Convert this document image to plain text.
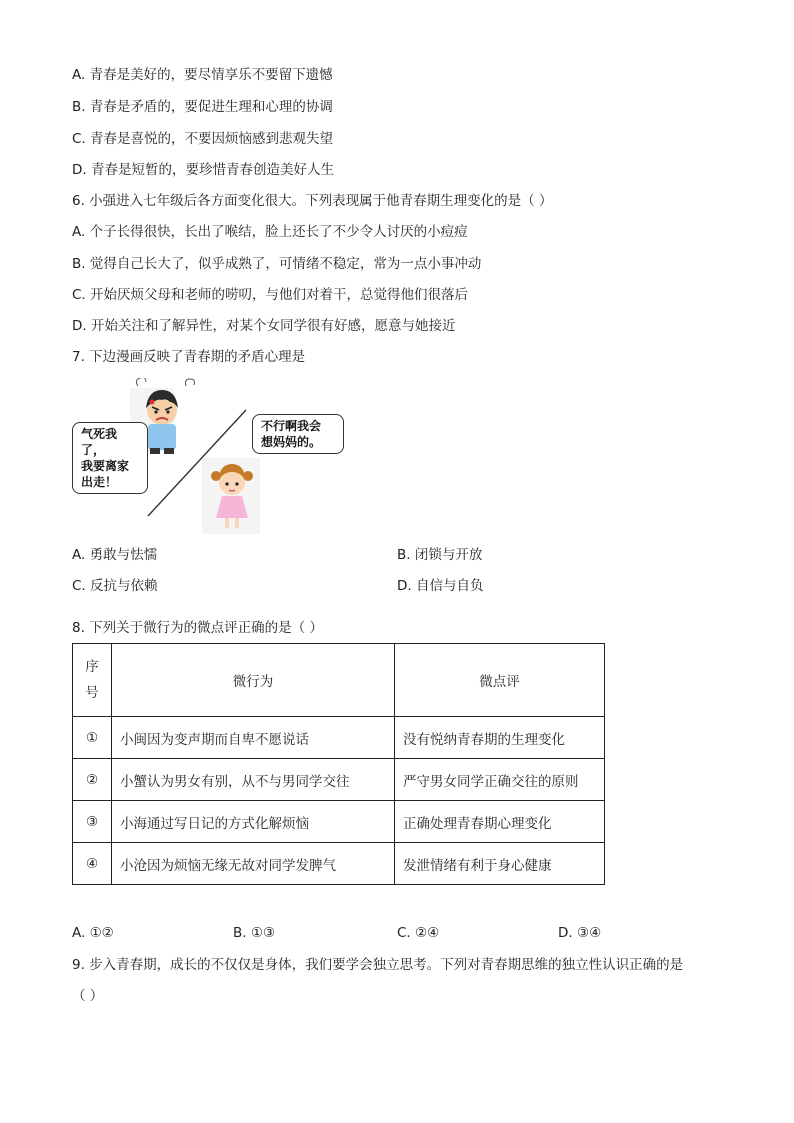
A. 青春是美好的，要尽情享乐不要留下遗憾
B. 青春是矛盾的，要促进生理和心理的协调
C. 青春是喜悦的，不要因烦恼感到悲观失望
D. 青春是短暂的，要珍惜青春创造美好人生
6. 小强进入七年级后各方面变化很大。下列表现属于他青春期生理变化的是（ ）
A. 个子长得很快，长出了喉结，脸上还长了不少令人讨厌的小痘痘
B. 觉得自己长大了，似乎成熟了，可情绪不稳定，常为一点小事冲动
C. 开始厌烦父母和老师的唠叨，与他们对着干，总觉得他们很落后
D. 开始关注和了解异性，对某个女同学很有好感，愿意与她接近
7. 下边漫画反映了青春期的矛盾心理是
气死我了，
我要离家
出走！
不行啊我会
想妈妈的。
A. 勇敢与怯懦	B. 闭锁与开放
C. 反抗与依赖	D. 自信与自负
8. 下列关于微行为的微点评正确的是（ ）
序
号	微行为	微点评
①	小闽因为变声期而自卑不愿说话	没有悦纳青春期的生理变化
②	小蟹认为男女有别，从不与男同学交往	严守男女同学正确交往的原则
③	小海通过写日记的方式化解烦恼	正确处理青春期心理变化
④	小沧因为烦恼无缘无故对同学发脾气	发泄情绪有利于身心健康
A. ①②	B. ①③	C. ②④	D. ③④
9. 步入青春期，成长的不仅仅是身体，我们要学会独立思考。下列对青春期思维的独立性认识正确的是
（ ）
